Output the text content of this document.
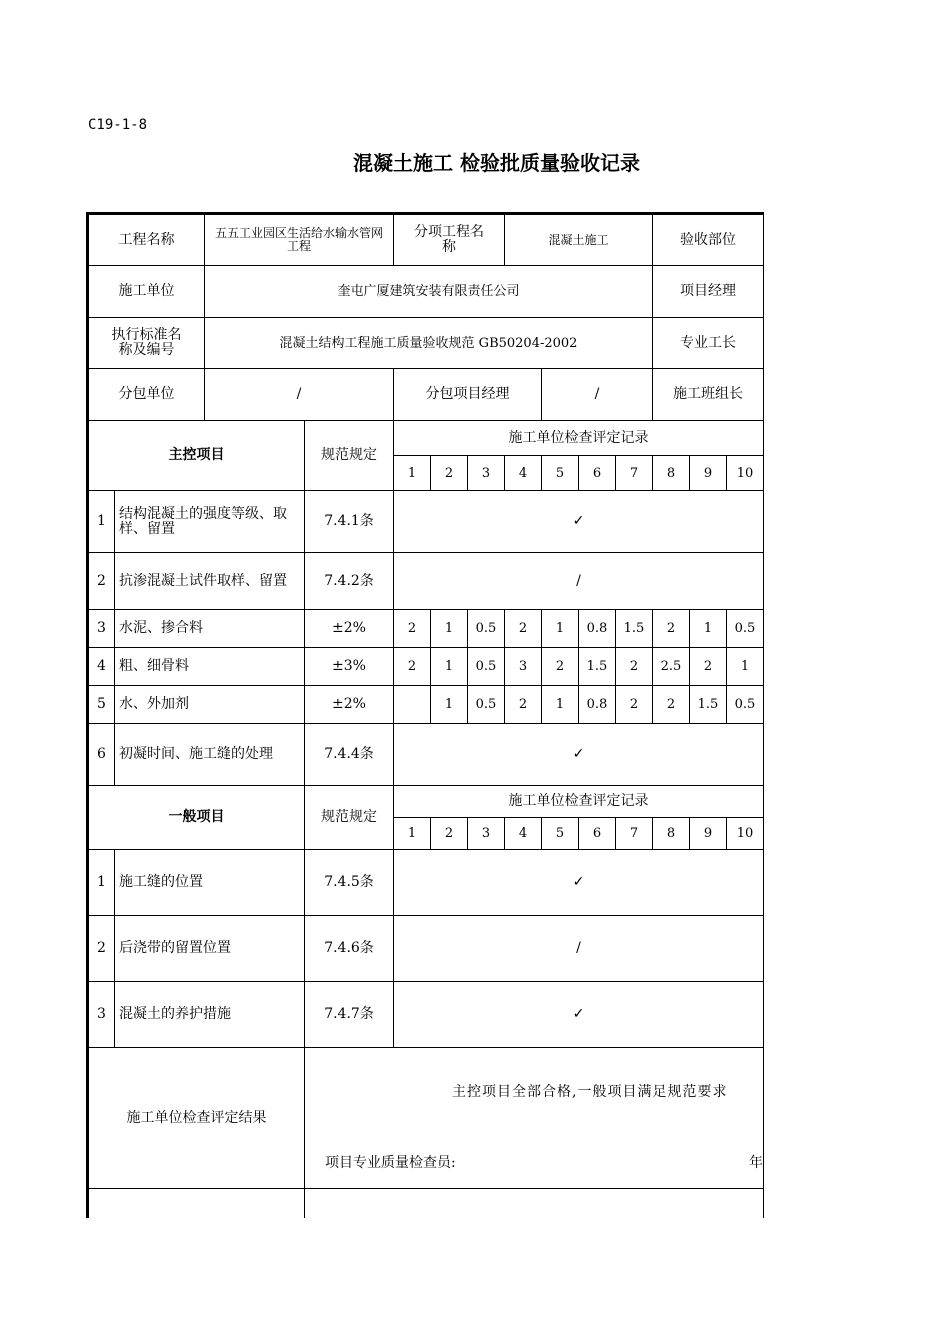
C19-1-8
混凝土施工 检验批质量验收记录
工程名称		五五工业园区生活给水输水管网工程		分项工程名称			混凝土施工				验收部位		
施工单位		奎屯广厦建筑安装有限责任公司									项目经理		
执行标准名称及编号		混凝土结构工程施工质量验收规范 GB50204-2002									专业工长		
分包单位		/		分包项目经理				/			施工班组长		
主控项目			规范规定	施工单位检查评定记录									
				1	2	3	4	5	6	7	8	9	10
1	结构混凝土的强度等级、取样、留置		7.4.1条	✓									
2	抗渗混凝土试件取样、留置		7.4.2条	/									
3	水泥、掺合料		±2%	2	1	0.5	2	1	0.8	1.5	2	1	0.5
4	粗、细骨料		±3%	2	1	0.5	3	2	1.5	2	2.5	2	1
5	水、外加剂		±2%		1	0.5	2	1	0.8	2	2	1.5	0.5
6	初凝时间、施工缝的处理		7.4.4条	✓									
一般项目			规范规定	施工单位检查评定记录									
				1	2	3	4	5	6	7	8	9	10
1	施工缝的位置		7.4.5条	✓									
2	后浇带的留置位置		7.4.6条	/									
3	混凝土的养护措施		7.4.7条	✓									
施工单位检查评定结果			主控项目全部合格,一般项目满足规范要求
项目专业质量检查员: 年										
